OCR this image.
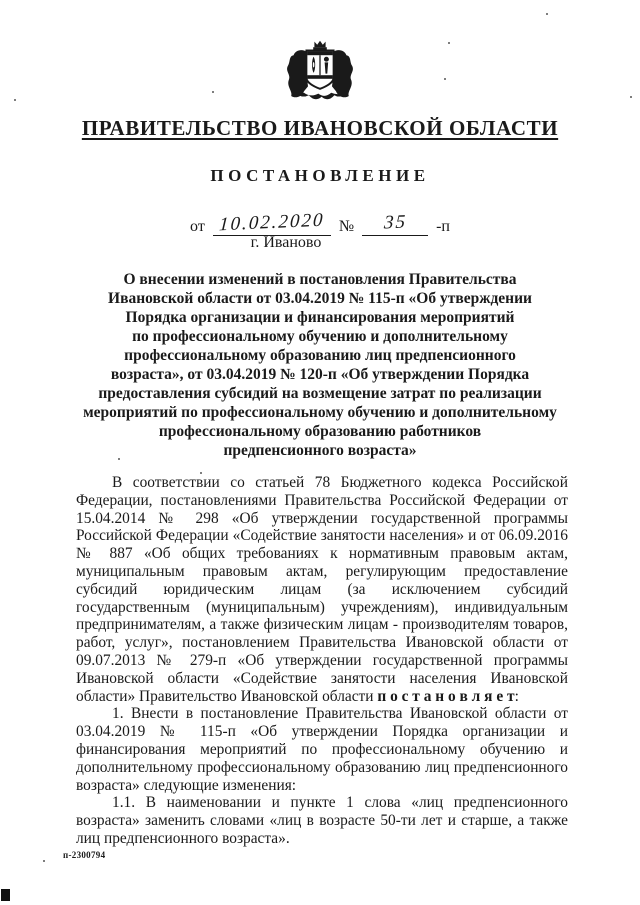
ПРАВИТЕЛЬСТВО ИВАНОВСКОЙ ОБЛАСТИ
ПОСТАНОВЛЕНИЕ
от 10.02.2020 №	35	-п
г. Иваново
О внесении изменений в постановления Правительства
Ивановской области от 03.04.2019 № 115-п «Об утверждении
Порядка организации и финансирования мероприятий
по профессиональному обучению и дополнительному
профессиональному образованию лиц предпенсионного
возраста», от 03.04.2019 № 120-п «Об утверждении Порядка
предоставления субсидий на возмещение затрат по реализации
мероприятий по профессиональному обучению и дополнительному
профессиональному образованию работников
предпенсионного возраста»

В соответствии со статьей 78 Бюджетного кодекса Российской Федерации, постановлениями Правительства Российской Федерации от 15.04.2014 № 298 «Об утверждении государственной программы Российской Федерации «Содействие занятости населения» и от 06.09.2016 № 887 «Об общих требованиях к нормативным правовым актам, муниципальным правовым актам, регулирующим предоставление субсидий юридическим лицам (за исключением субсидий государственным (муниципальным) учреждениям), индивидуальным предпринимателям, а также физическим лицам - производителям товаров, работ, услуг», постановлением Правительства Ивановской области от 09.07.2013 № 279-п «Об утверждении государственной программы Ивановской области «Содействие занятости населения Ивановской области» Правительство Ивановской области п о с т а н о в л я е т:

1. Внести в постановление Правительства Ивановской области от 03.04.2019 № 115-п «Об утверждении Порядка организации и финансирования мероприятий по профессиональному обучению и дополнительному профессиональному образованию лиц предпенсионного возраста» следующие изменения:

1.1. В наименовании и пункте 1 слова «лиц предпенсионного возраста» заменить словами «лиц в возрасте 50-ти лет и старше, а также лиц предпенсионного возраста».

п-2300794
